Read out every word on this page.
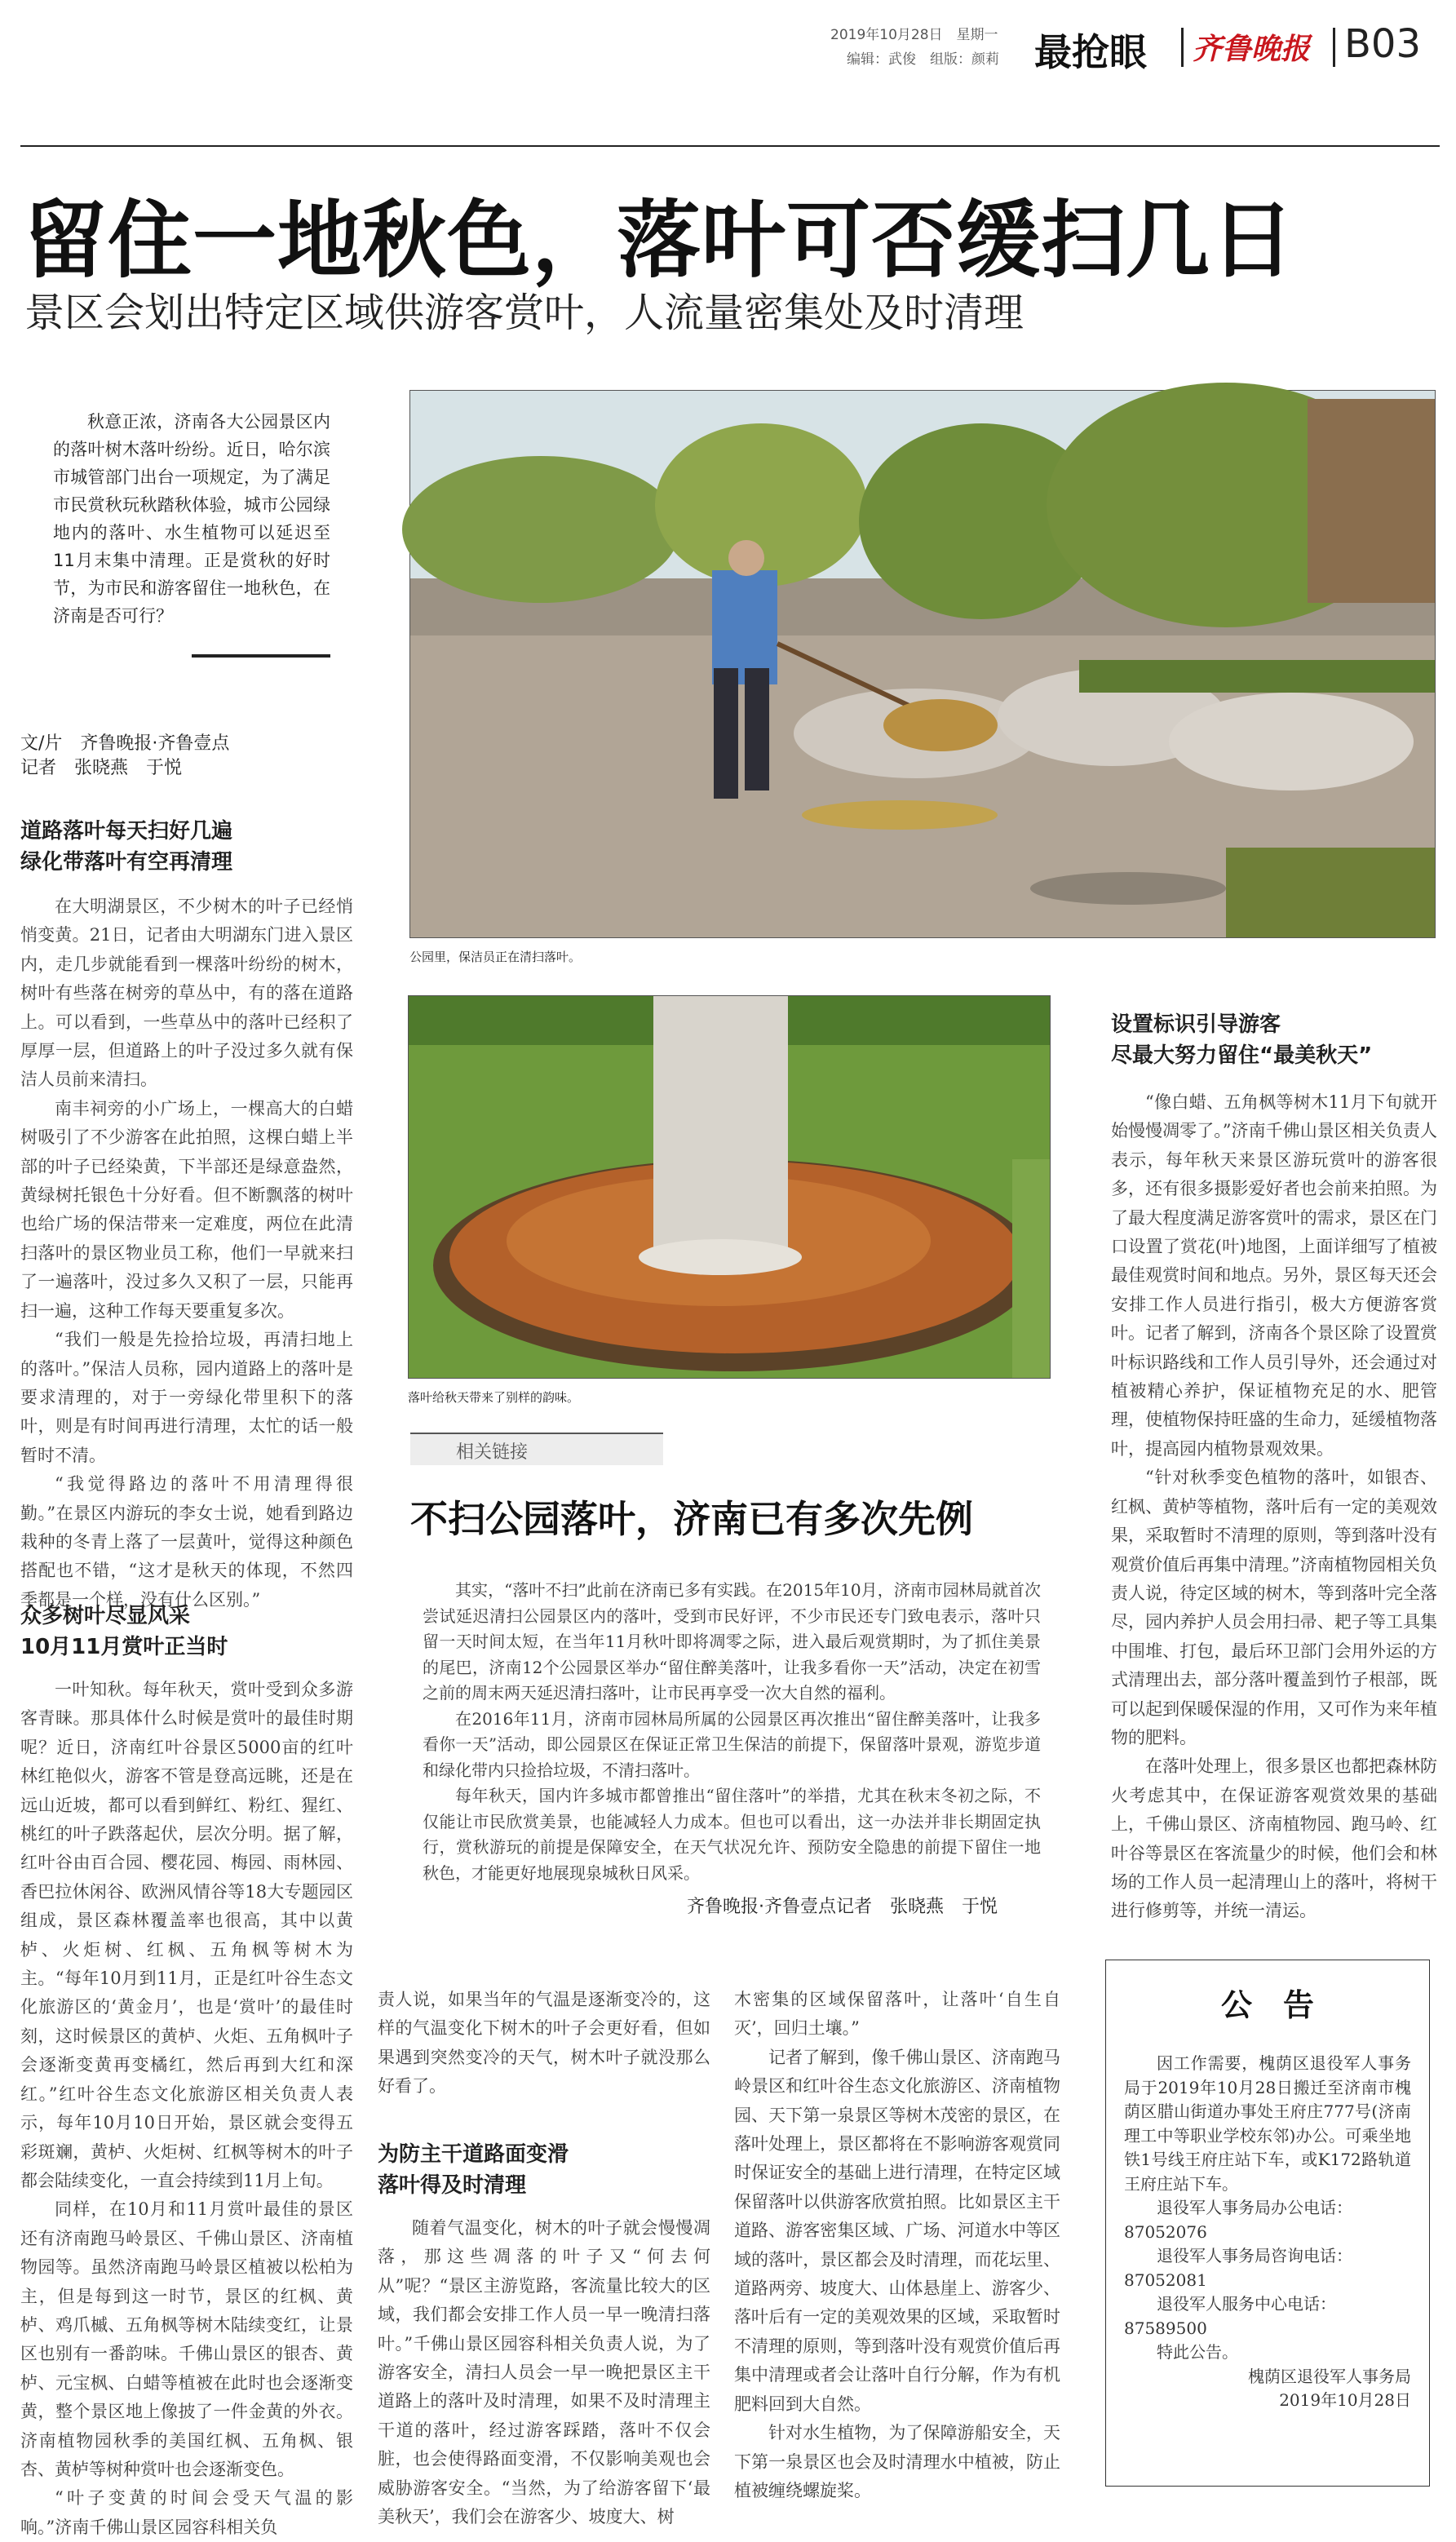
2019年10月28日　星期一
编辑：武俊　组版：颜莉 最抢眼 齐鲁晚报 B03
留住一地秋色，落叶可否缓扫几日
景区会划出特定区域供游客赏叶，人流量密集处及时清理
秋意正浓，济南各大公园景区内的落叶树木落叶纷纷。近日，哈尔滨市城管部门出台一项规定，为了满足市民赏秋玩秋踏秋体验，城市公园绿地内的落叶、水生植物可以延迟至11月末集中清理。正是赏秋的好时节，为市民和游客留住一地秋色，在济南是否可行？
文/片　齐鲁晚报·齐鲁壹点
记者　张晓燕　于悦
道路落叶每天扫好几遍
绿化带落叶有空再清理

在大明湖景区，不少树木的叶子已经悄悄变黄。21日，记者由大明湖东门进入景区内，走几步就能看到一棵落叶纷纷的树木，树叶有些落在树旁的草丛中，有的落在道路上。可以看到，一些草丛中的落叶已经积了厚厚一层，但道路上的叶子没过多久就有保洁人员前来清扫。

南丰祠旁的小广场上，一棵高大的白蜡树吸引了不少游客在此拍照，这棵白蜡上半部的叶子已经染黄，下半部还是绿意盎然，黄绿树托银色十分好看。但不断飘落的树叶也给广场的保洁带来一定难度，两位在此清扫落叶的景区物业员工称，他们一早就来扫了一遍落叶，没过多久又积了一层，只能再扫一遍，这种工作每天要重复多次。

“我们一般是先捡拾垃圾，再清扫地上的落叶。”保洁人员称，园内道路上的落叶是要求清理的，对于一旁绿化带里积下的落叶，则是有时间再进行清理，太忙的话一般暂时不清。

“我觉得路边的落叶不用清理得很勤。”在景区内游玩的李女士说，她看到路边栽种的冬青上落了一层黄叶，觉得这种颜色搭配也不错，“这才是秋天的体现，不然四季都是一个样，没有什么区别。”

众多树叶尽显风采
10月11月赏叶正当时

一叶知秋。每年秋天，赏叶受到众多游客青睐。那具体什么时候是赏叶的最佳时期呢？近日，济南红叶谷景区5000亩的红叶林红艳似火，游客不管是登高远眺，还是在远山近坡，都可以看到鲜红、粉红、猩红、桃红的叶子跌落起伏，层次分明。据了解，红叶谷由百合园、樱花园、梅园、雨林园、香巴拉休闲谷、欧洲风情谷等18大专题园区组成，景区森林覆盖率也很高，其中以黄栌、火炬树、红枫、五角枫等树木为主。“每年10月到11月，正是红叶谷生态文化旅游区的‘黄金月’，也是‘赏叶’的最佳时刻，这时候景区的黄栌、火炬、五角枫叶子会逐渐变黄再变橘红，然后再到大红和深红。”红叶谷生态文化旅游区相关负责人表示，每年10月10日开始，景区就会变得五彩斑斓，黄栌、火炬树、红枫等树木的叶子都会陆续变化，一直会持续到11月上旬。

同样，在10月和11月赏叶最佳的景区还有济南跑马岭景区、千佛山景区、济南植物园等。虽然济南跑马岭景区植被以松柏为主，但是每到这一时节，景区的红枫、黄栌、鸡爪槭、五角枫等树木陆续变红，让景区也别有一番韵味。千佛山景区的银杏、黄栌、元宝枫、白蜡等植被在此时也会逐渐变黄，整个景区地上像披了一件金黄的外衣。济南植物园秋季的美国红枫、五角枫、银杏、黄栌等树种赏叶也会逐渐变色。

“叶子变黄的时间会受天气温的影响。”济南千佛山景区园容科相关负

责人说，如果当年的气温是逐渐变冷的，这样的气温变化下树木的叶子会更好看，但如果遇到突然变冷的天气，树木叶子就没那么好看了。
为防主干道路面变滑
落叶得及时清理

随着气温变化，树木的叶子就会慢慢凋落，那这些凋落的叶子又“何去何从”呢？“景区主游览路，客流量比较大的区域，我们都会安排工作人员一早一晚清扫落叶。”千佛山景区园容科相关负责人说，为了游客安全，清扫人员会一早一晚把景区主干道路上的落叶及时清理，如果不及时清理主干道的落叶，经过游客踩踏，落叶不仅会脏，也会使得路面变滑，不仅影响美观也会威胁游客安全。“当然，为了给游客留下‘最美秋天’，我们会在游客少、坡度大、树

木密集的区域保留落叶，让落叶‘自生自灭’，回归土壤。”

记者了解到，像千佛山景区、济南跑马岭景区和红叶谷生态文化旅游区、济南植物园、天下第一泉景区等树木茂密的景区，在落叶处理上，景区都将在不影响游客观赏同时保证安全的基础上进行清理，在特定区域保留落叶以供游客欣赏拍照。比如景区主干道路、游客密集区域、广场、河道水中等区域的落叶，景区都会及时清理，而花坛里、道路两旁、坡度大、山体悬崖上、游客少、落叶后有一定的美观效果的区域，采取暂时不清理的原则，等到落叶没有观赏价值后再集中清理或者会让落叶自行分解，作为有机肥料回到大自然。

针对水生植物，为了保障游船安全，天下第一泉景区也会及时清理水中植被，防止植被缠绕螺旋桨。

公园里，保洁员正在清扫落叶。
落叶给秋天带来了别样的韵味。
相关链接
不扫公园落叶，济南已有多次先例

其实，“落叶不扫”此前在济南已多有实践。在2015年10月，济南市园林局就首次尝试延迟清扫公园景区内的落叶，受到市民好评，不少市民还专门致电表示，落叶只留一天时间太短，在当年11月秋叶即将凋零之际，进入最后观赏期时，为了抓住美景的尾巴，济南12个公园景区举办“留住醉美落叶，让我多看你一天”活动，决定在初雪之前的周末两天延迟清扫落叶，让市民再享受一次大自然的福利。

在2016年11月，济南市园林局所属的公园景区再次推出“留住醉美落叶，让我多看你一天”活动，即公园景区在保证正常卫生保洁的前提下，保留落叶景观，游览步道和绿化带内只捡拾垃圾，不清扫落叶。

每年秋天，国内许多城市都曾推出“留住落叶”的举措，尤其在秋末冬初之际，不仅能让市民欣赏美景，也能减轻人力成本。但也可以看出，这一办法并非长期固定执行，赏秋游玩的前提是保障安全，在天气状况允许、预防安全隐患的前提下留住一地秋色，才能更好地展现泉城秋日风采。

齐鲁晚报·齐鲁壹点记者　张晓燕　于悦
设置标识引导游客
尽最大努力留住“最美秋天”

“像白蜡、五角枫等树木11月下旬就开始慢慢凋零了。”济南千佛山景区相关负责人表示，每年秋天来景区游玩赏叶的游客很多，还有很多摄影爱好者也会前来拍照。为了最大程度满足游客赏叶的需求，景区在门口设置了赏花(叶)地图，上面详细写了植被最佳观赏时间和地点。另外，景区每天还会安排工作人员进行指引，极大方便游客赏叶。记者了解到，济南各个景区除了设置赏叶标识路线和工作人员引导外，还会通过对植被精心养护，保证植物充足的水、肥管理，使植物保持旺盛的生命力，延缓植物落叶，提高园内植物景观效果。

“针对秋季变色植物的落叶，如银杏、红枫、黄栌等植物，落叶后有一定的美观效果，采取暂时不清理的原则，等到落叶没有观赏价值后再集中清理。”济南植物园相关负责人说，待定区域的树木，等到落叶完全落尽，园内养护人员会用扫帚、耙子等工具集中围堆、打包，最后环卫部门会用外运的方式清理出去，部分落叶覆盖到竹子根部，既可以起到保暖保湿的作用，又可作为来年植物的肥料。

在落叶处理上，很多景区也都把森林防火考虑其中，在保证游客观赏效果的基础上，千佛山景区、济南植物园、跑马岭、红叶谷等景区在客流量少的时候，他们会和林场的工作人员一起清理山上的落叶，将树干进行修剪等，并统一清运。

公　告
因工作需要，槐荫区退役军人事务局于2019年10月28日搬迁至济南市槐荫区腊山街道办事处王府庄777号(济南理工中等职业学校东邻)办公。可乘坐地铁1号线王府庄站下车，或K172路轨道王府庄站下车。
退役军人事务局办公电话：
87052076
退役军人事务局咨询电话：
87052081
退役军人服务中心电话：
87589500
特此公告。
槐荫区退役军人事务局
2019年10月28日
